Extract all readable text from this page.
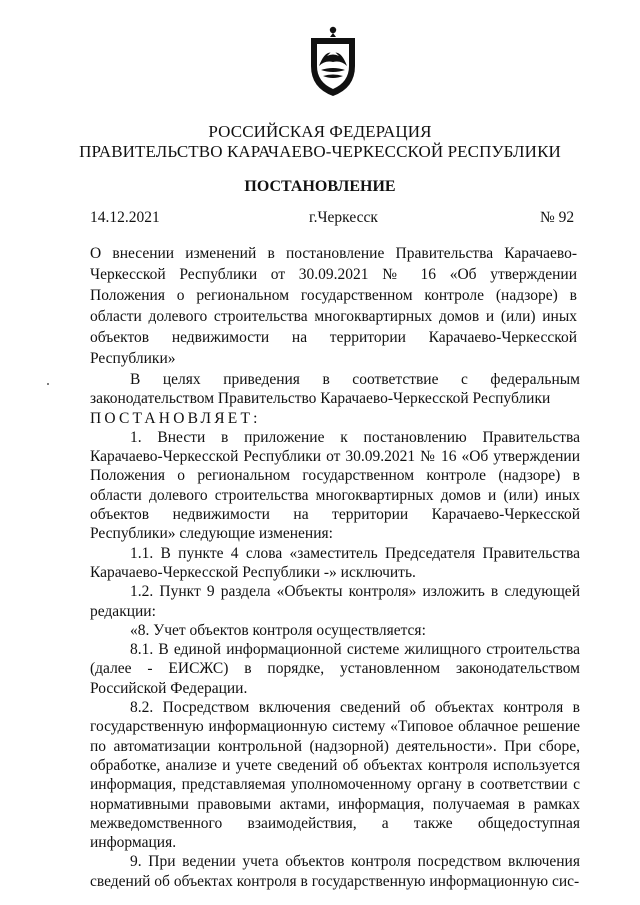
РОССИЙСКАЯ ФЕДЕРАЦИЯ
ПРАВИТЕЛЬСТВО КАРАЧАЕВО-ЧЕРКЕССКОЙ РЕСПУБЛИКИ
ПОСТАНОВЛЕНИЕ
14.12.2021	г.Черкесск	№ 92
О внесении изменений в постановление Правительства Карачаево-Черкесской Республики от 30.09.2021 № 16 «Об утверждении Положения о региональном государственном контроле (надзоре) в области долевого строительства многоквартирных домов и (или) иных объектов недвижимости на территории Карачаево-Черкесской Республики»

В целях приведения в соответствие с федеральным законодательством Правительство Карачаево-Черкесской Республики

ПОСТАНОВЛЯЕТ:

1. Внести в приложение к постановлению Правительства Карачаево-Черкесской Республики от 30.09.2021 № 16 «Об утверждении Положения о региональном государственном контроле (надзоре) в области долевого строительства многоквартирных домов и (или) иных объектов недвижимости на территории Карачаево-Черкесской Республики» следующие изменения:

1.1. В пункте 4 слова «заместитель Председателя Правительства Карачаево-Черкесской Республики -» исключить.

1.2. Пункт 9 раздела «Объекты контроля» изложить в следующей редакции:

«8. Учет объектов контроля осуществляется:

8.1. В единой информационной системе жилищного строительства (далее - ЕИСЖС) в порядке, установленном законодательством Российской Федерации.

8.2. Посредством включения сведений об объектах контроля в государственную информационную систему «Типовое облачное решение по автоматизации контрольной (надзорной) деятельности». При сборе, обработке, анализе и учете сведений об объектах контроля используется информация, представляемая уполномоченному органу в соответствии с нормативными правовыми актами, информация, получаемая в рамках межведомственного взаимодействия, а также общедоступная информация.

9. При ведении учета объектов контроля посредством включения сведений об объектах контроля в государственную информационную сис-
